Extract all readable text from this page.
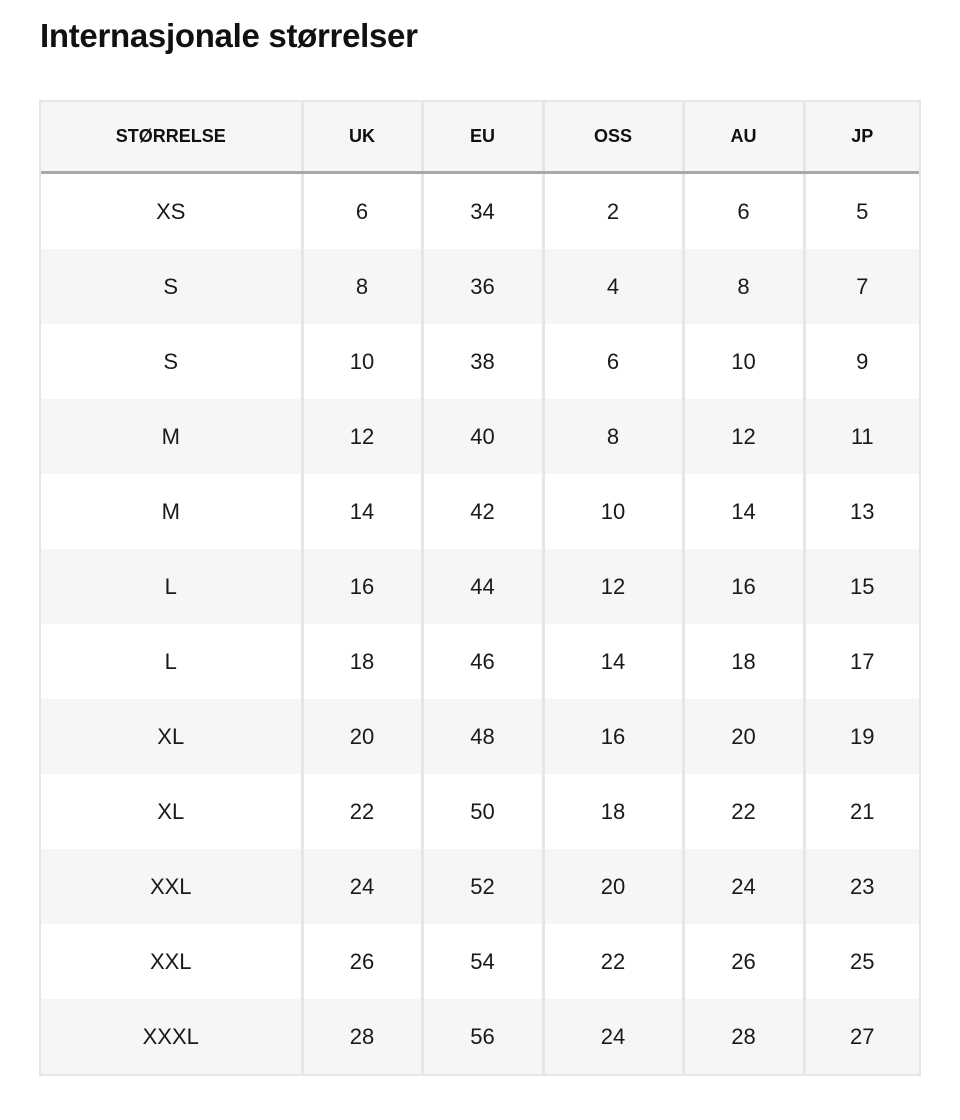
Internasjonale størrelser
STØRRELSE	UK	EU	OSS	AU	JP
XS	6	34	2	6	5
S	8	36	4	8	7
S	10	38	6	10	9
M	12	40	8	12	11
M	14	42	10	14	13
L	16	44	12	16	15
L	18	46	14	18	17
XL	20	48	16	20	19
XL	22	50	18	22	21
XXL	24	52	20	24	23
XXL	26	54	22	26	25
XXXL	28	56	24	28	27
